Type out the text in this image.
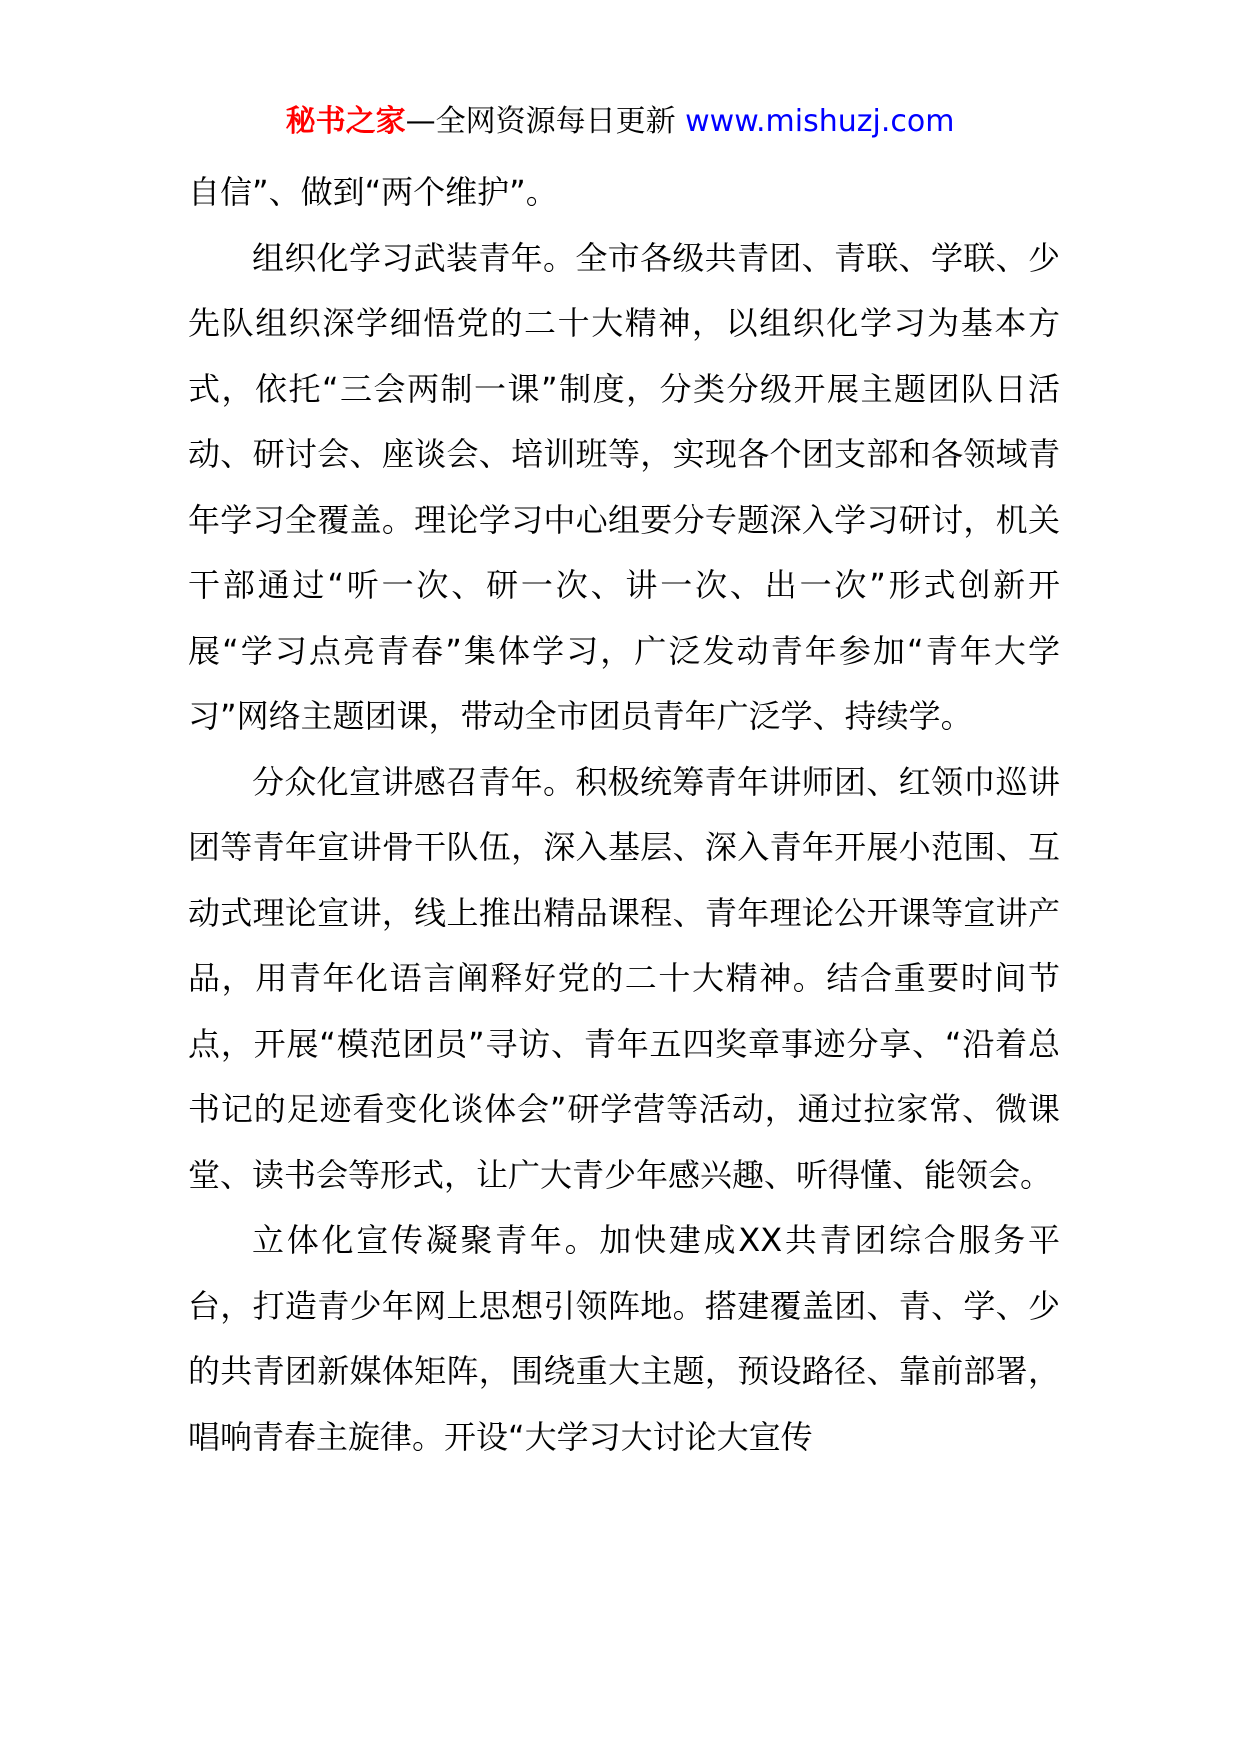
秘书之家—全网资源每日更新 www.mishuzj.com

自信”、做到“两个维护”。

组织化学习武装青年。全市各级共青团、青联、学联、少先队组织深学细悟党的二十大精神，以组织化学习为基本方式，依托“三会两制一课”制度，分类分级开展主题团队日活动、研讨会、座谈会、培训班等，实现各个团支部和各领域青年学习全覆盖。理论学习中心组要分专题深入学习研讨，机关干部通过“听一次、研一次、讲一次、出一次”形式创新开展“学习点亮青春”集体学习，广泛发动青年参加“青年大学习”网络主题团课，带动全市团员青年广泛学、持续学。

分众化宣讲感召青年。积极统筹青年讲师团、红领巾巡讲团等青年宣讲骨干队伍，深入基层、深入青年开展小范围、互动式理论宣讲，线上推出精品课程、青年理论公开课等宣讲产品，用青年化语言阐释好党的二十大精神。结合重要时间节点，开展“模范团员”寻访、青年五四奖章事迹分享、“沿着总书记的足迹看变化谈体会”研学营等活动，通过拉家常、微课堂、读书会等形式，让广大青少年感兴趣、听得懂、能领会。

立体化宣传凝聚青年。加快建成XX共青团综合服务平台，打造青少年网上思想引领阵地。搭建覆盖团、青、学、少的共青团新媒体矩阵，围绕重大主题，预设路径、靠前部署，唱响青春主旋律。开设“大学习大讨论大宣传
